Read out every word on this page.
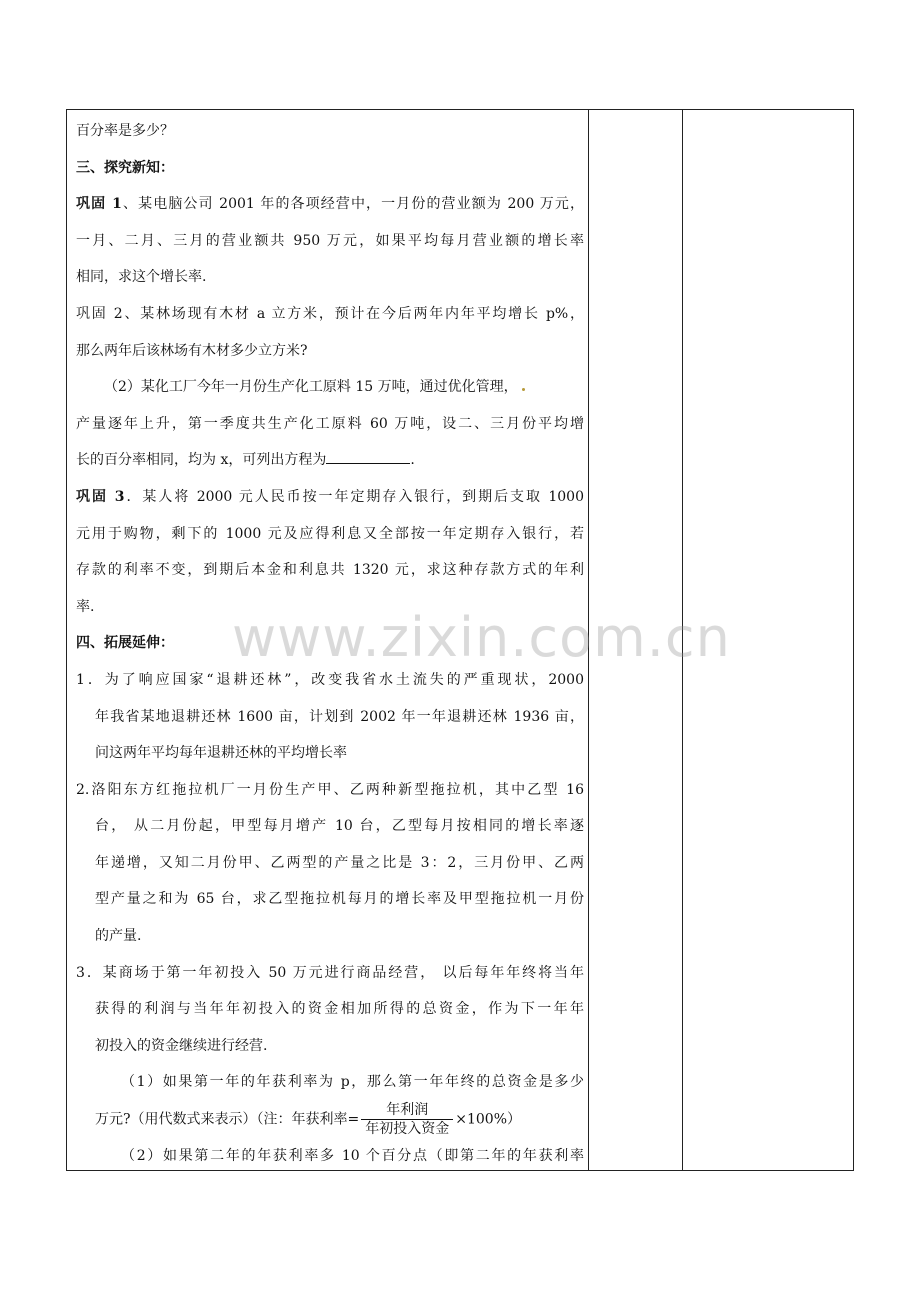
百分率是多少？
三、探究新知：
巩固 1、某电脑公司 2001 年的各项经营中，一月份的营业额为 200 万元，
一月、二月、三月的营业额共 950 万元，如果平均每月营业额的增长率
相同，求这个增长率.
巩固 2、某林场现有木材 a 立方米，预计在今后两年内年平均增长 p%，
那么两年后该林场有木材多少立方米?
（2）某化工厂今年一月份生产化工原料 15 万吨，通过优化管理，
产量逐年上升，第一季度共生产化工原料 60 万吨，设二、三月份平均增
长的百分率相同，均为 x，可列出方程为	.
巩固 3．某人将 2000 元人民币按一年定期存入银行，到期后支取 1000
元用于购物，剩下的 1000 元及应得利息又全部按一年定期存入银行，若
存款的利率不变，到期后本金和利息共 1320 元，求这种存款方式的年利
率.
四、拓展延伸：
1．为了响应国家“退耕还林”，改变我省水土流失的严重现状，2000
年我省某地退耕还林 1600 亩，计划到 2002 年一年退耕还林 1936 亩，
问这两年平均每年退耕还林的平均增长率
2.洛阳东方红拖拉机厂一月份生产甲、乙两种新型拖拉机，其中乙型 16
台， 从二月份起，甲型每月增产 10 台，乙型每月按相同的增长率逐
年递增，又知二月份甲、乙两型的产量之比是 3：2，三月份甲、乙两
型产量之和为 65 台，求乙型拖拉机每月的增长率及甲型拖拉机一月份
的产量.
3．某商场于第一年初投入 50 万元进行商品经营， 以后每年年终将当年
获得的利润与当年年初投入的资金相加所得的总资金，作为下一年年
初投入的资金继续进行经营.
（1）如果第一年的年获利率为 p，那么第一年年终的总资金是多少
万元?（用代数式来表示）（注：年获利率= $\frac{\text{年利润}}{\text{年初投入资金}} \times 100\%$）
（2）如果第二年的年获利率多 10 个百分点（即第二年的年获利率
www.zixin.com.cn
